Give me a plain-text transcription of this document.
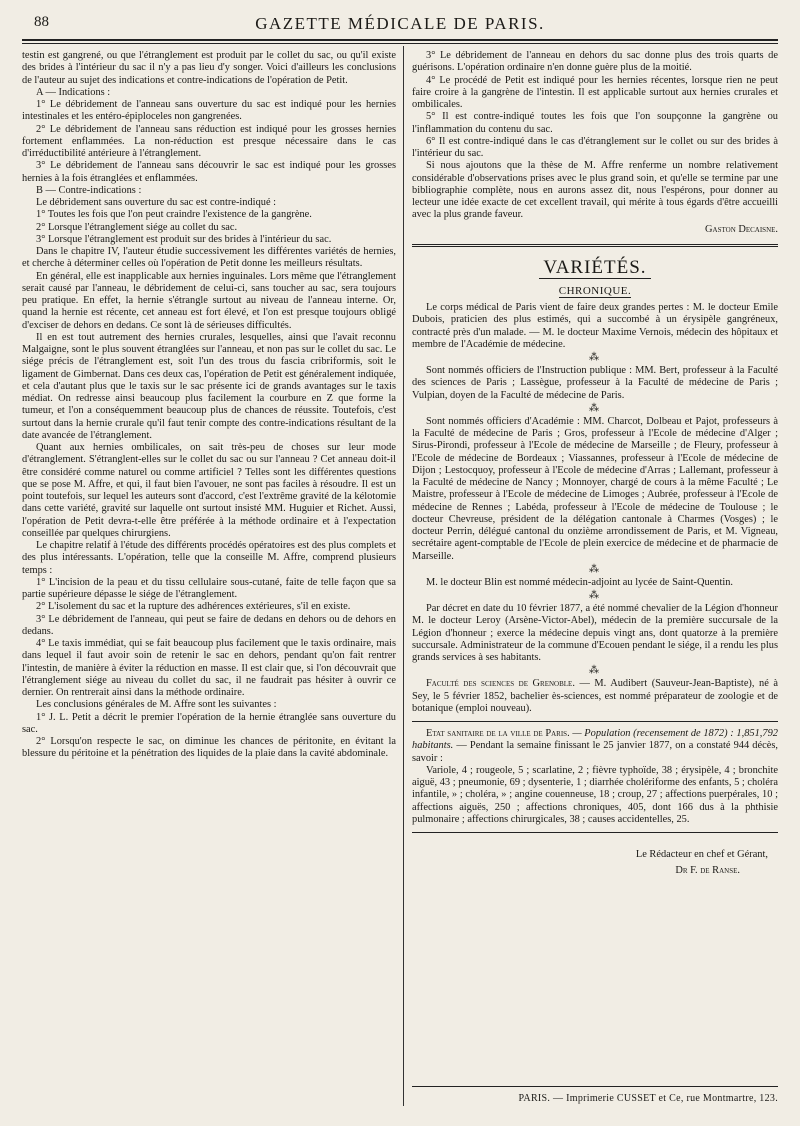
88	GAZETTE MÉDICALE DE PARIS.

testin est gangrené, ou que l'étranglement est produit par le collet du sac, ou qu'il existe des brides à l'intérieur du sac il n'y a pas lieu d'y songer. Voici d'ailleurs les conclusions de l'auteur au sujet des indications et contre-indications de l'opération de Petit.

A — Indications :

1° Le débridement de l'anneau sans ouverture du sac est indiqué pour les hernies intestinales et les entéro-épiploceles non gangrenées.

2° Le débridement de l'anneau sans réduction est indiqué pour les grosses hernies fortement enflammées. La non-réduction est presque nécessaire dans le cas d'irréductibilité antérieure à l'étranglement.

3° Le débridement de l'anneau sans découvrir le sac est indiqué pour les grosses hernies à la fois étranglées et enflammées.

B — Contre-indications :

Le débridement sans ouverture du sac est contre-indiqué :

1° Toutes les fois que l'on peut craindre l'existence de la gangrène.

2° Lorsque l'étranglement siége au collet du sac.

3° Lorsque l'étranglement est produit sur des brides à l'intérieur du sac.

Dans le chapitre IV, l'auteur étudie successivement les différentes variétés de hernies, et cherche à déterminer celles où l'opération de Petit donne les meilleurs résultats.

En général, elle est inapplicable aux hernies inguinales. Lors même que l'étranglement serait causé par l'anneau, le débridement de celui-ci, sans toucher au sac, sera toujours peu pratique. En effet, la hernie s'étrangle surtout au niveau de l'anneau interne. Or, quand la hernie est récente, cet anneau est fort élevé, et l'on est presque toujours obligé d'exciser de dehors en dedans. Ce sont là de sérieuses difficultés.

Il en est tout autrement des hernies crurales, lesquelles, ainsi que l'avait reconnu Malgaigne, sont le plus souvent étranglées sur l'anneau, et non pas sur le collet du sac. Le siége précis de l'étranglement est, soit l'un des trous du fascia cribriformis, soit le ligament de Gimbernat. Dans ces deux cas, l'opération de Petit est généralement indiquée, et cela d'autant plus que le taxis sur le sac présente ici de grands avantages sur le taxis médiat. On redresse ainsi beaucoup plus facilement la courbure en Z que forme la tumeur, et l'on a conséquemment beaucoup plus de chances de réussite. Toutefois, c'est surtout dans la hernie crurale qu'il faut tenir compte des contre-indications résultant de la date avancée de l'étranglement.

Quant aux hernies ombilicales, on sait très-peu de choses sur leur mode d'étranglement. S'étranglent-elles sur le collet du sac ou sur l'anneau ? Cet anneau doit-il être considéré comme naturel ou comme artificiel ? Telles sont les différentes questions que se pose M. Affre, et qui, il faut bien l'avouer, ne sont pas faciles à résoudre. Il est un point toutefois, sur lequel les auteurs sont d'accord, c'est l'extrême gravité de la kélotomie dans cette variété, gravité sur laquelle ont surtout insisté MM. Huguier et Richet. Aussi, l'opération de Petit devra-t-elle être préférée à la méthode ordinaire et à l'expectation conseillée par quelques chirurgiens.

Le chapitre relatif à l'étude des différents procédés opératoires est des plus complets et des plus intéressants. L'opération, telle que la conseille M. Affre, comprend plusieurs temps :

1° L'incision de la peau et du tissu cellulaire sous-cutané, faite de telle façon que sa partie supérieure dépasse le siége de l'étranglement.

2° L'isolement du sac et la rupture des adhérences extérieures, s'il en existe.

3° Le débridement de l'anneau, qui peut se faire de dedans en dehors ou de dehors en dedans.

4° Le taxis immédiat, qui se fait beaucoup plus facilement que le taxis ordinaire, mais dans lequel il faut avoir soin de retenir le sac en dehors, pendant qu'on fait rentrer l'intestin, de manière à éviter la réduction en masse. Il est clair que, si l'on découvrait que l'étranglement siége au niveau du collet du sac, il ne faudrait pas hésiter à ouvrir ce dernier. On rentrerait ainsi dans la méthode ordinaire.

Les conclusions générales de M. Affre sont les suivantes :

1° J. L. Petit a décrit le premier l'opération de la hernie étranglée sans ouverture du sac.

2° Lorsqu'on respecte le sac, on diminue les chances de péritonite, en évitant la blessure du péritoine et la pénétration des liquides de la plaie dans la cavité abdominale.

3° Le débridement de l'anneau en dehors du sac donne plus des trois quarts de guérisons. L'opération ordinaire n'en donne guère plus de la moitié.

4° Le procédé de Petit est indiqué pour les hernies récentes, lorsque rien ne peut faire croire à la gangrène de l'intestin. Il est applicable surtout aux hernies crurales et ombilicales.

5° Il est contre-indiqué toutes les fois que l'on soupçonne la gangrène ou l'inflammation du contenu du sac.

6° Il est contre-indiqué dans le cas d'étranglement sur le collet ou sur des brides à l'intérieur du sac.

Si nous ajoutons que la thèse de M. Affre renferme un nombre relativement considérable d'observations prises avec le plus grand soin, et qu'elle se termine par une bibliographie complète, nous en aurons assez dit, nous l'espérons, pour donner au lecteur une idée exacte de cet excellent travail, qui mérite à tous égards d'être accueilli avec la plus grande faveur.

Gaston Decaisne.

VARIÉTÉS.
CHRONIQUE.

Le corps médical de Paris vient de faire deux grandes pertes : M. le docteur Emile Dubois, praticien des plus estimés, qui a succombé à un érysipèle gangréneux, contracté près d'un malade. — M. le docteur Maxime Vernois, médecin des hôpitaux et membre de l'Académie de médecine.

⁂

Sont nommés officiers de l'Instruction publique : MM. Bert, professeur à la Faculté des sciences de Paris ; Lassègue, professeur à la Faculté de médecine de Paris ; Vulpian, doyen de la Faculté de médecine de Paris.

⁂

Sont nommés officiers d'Académie : MM. Charcot, Dolbeau et Pajot, professeurs à la Faculté de médecine de Paris ; Gros, professeur à l'Ecole de médecine d'Alger ; Sirus-Pirondi, professeur à l'Ecole de médecine de Marseille ; de Fleury, professeur à l'Ecole de médecine de Bordeaux ; Viassannes, professeur à l'Ecole de médecine de Dijon ; Lestocquoy, professeur à l'Ecole de médecine d'Arras ; Lallemant, professeur à la Faculté de médecine de Nancy ; Monnoyer, chargé de cours à la même Faculté ; Le Maistre, professeur à l'Ecole de médecine de Limoges ; Aubrée, professeur à l'Ecole de médecine de Rennes ; Labéda, professeur à l'Ecole de médecine de Toulouse ; le docteur Chevreuse, président de la délégation cantonale à Charmes (Vosges) ; le docteur Perrin, délégué cantonal du onzième arrondissement de Paris, et M. Vigneau, secrétaire agent-comptable de l'Ecole de plein exercice de médecine et de pharmacie de Marseille.

⁂

M. le docteur Blin est nommé médecin-adjoint au lycée de Saint-Quentin.

⁂

Par décret en date du 10 février 1877, a été nommé chevalier de la Légion d'honneur M. le docteur Leroy (Arsène-Victor-Abel), médecin de la première succursale de la Légion d'honneur ; exerce la médecine depuis vingt ans, dont quatorze à la première succursale. Administrateur de la commune d'Ecouen pendant le siége, il a rendu les plus grands services à ses habitants.

⁂

Faculté des sciences de Grenoble. — M. Audibert (Sauveur-Jean-Baptiste), né à Sey, le 5 février 1852, bachelier ès-sciences, est nommé préparateur de zoologie et de botanique (emploi nouveau).

Etat sanitaire de la ville de Paris. — Population (recensement de 1872) : 1,851,792 habitants. — Pendant la semaine finissant le 25 janvier 1877, on a constaté 944 décès, savoir :

Variole, 4 ; rougeole, 5 ; scarlatine, 2 ; fièvre typhoïde, 38 ; érysipèle, 4 ; bronchite aiguë, 43 ; pneumonie, 69 ; dysenterie, 1 ; diarrhée cholériforme des enfants, 5 ; choléra infantile, » ; choléra, » ; angine couenneuse, 18 ; croup, 27 ; affections puerpérales, 10 ; affections aiguës, 250 ; affections chroniques, 405, dont 166 dus à la phthisie pulmonaire ; affections chirurgicales, 38 ; causes accidentelles, 25.

Le Rédacteur en chef et Gérant,

Dr F. de Ranse.

PARIS. — Imprimerie CUSSET et Ce, rue Montmartre, 123.
